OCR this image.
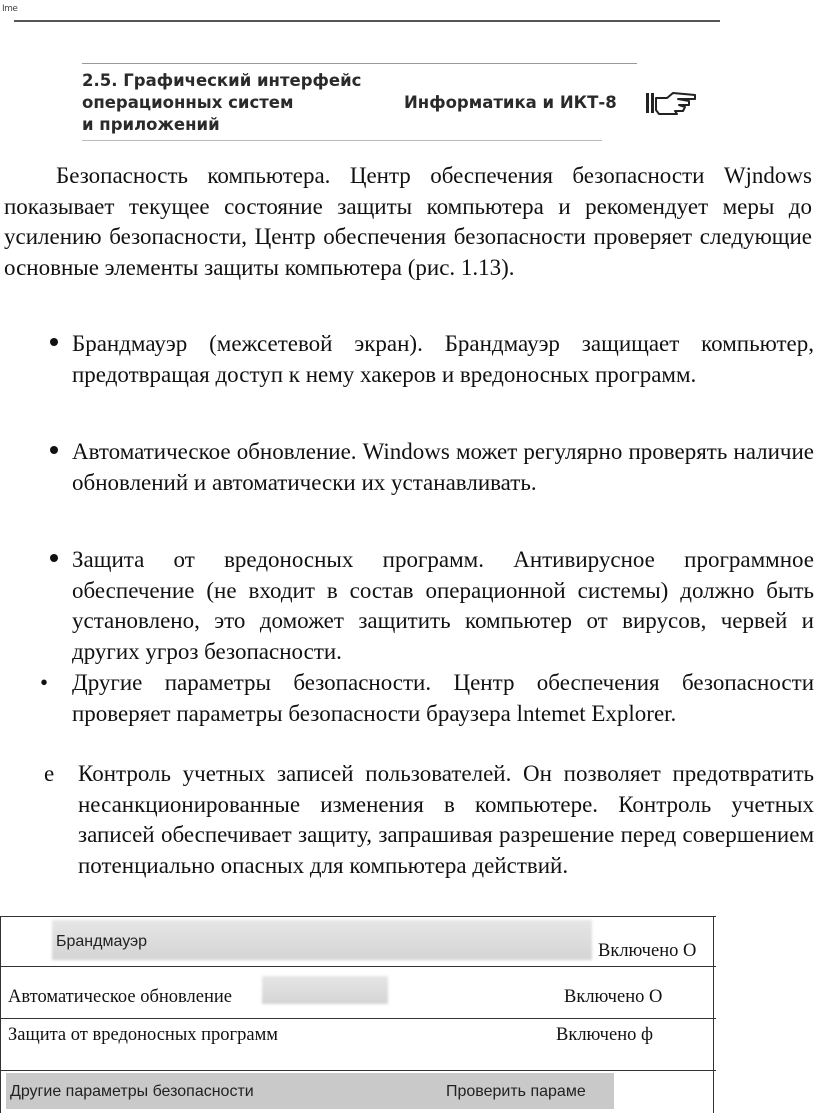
Ime
2.5. Графический интерфейс
операционных систем
и приложений
Информатика и ИКТ-8
Безопасность компьютера. Центр обеспечения безопасности Wjndows показывает текущее состояние защиты компьютера и рекомендует меры до усилению безопасности, Центр обеспечения безопасности проверяет следующие основные элементы защиты компьютера (рис. 1.13).
Брандмауэр (межсетевой экран). Брандмауэр защищает компьютер, предотвращая доступ к нему хакеров и вредоносных программ.
Автоматическое обновление. Windows может регулярно проверять наличие обновлений и автоматически их устанавливать.
Защита от вредоносных программ. Антивирусное программное обеспечение (не входит в состав операционной системы) должно быть установлено, это доможет защитить компьютер от вирусов, червей и других угроз безопасности.
• Другие параметры безопасности. Центр обеспечения безопасности проверяет параметры безопасности браузера lntemet Explorer.
е Контроль учетных записей пользователей. Он позволяет предотвратить несанкционированные изменения в компьютере. Контроль учетных записей обеспечивает защиту, запрашивая разрешение перед совершением потенциально опасных для компьютера действий.
Брандмауэр	Включено О
Автоматическое обновление	Включено О
Защита от вредоносных программ	Включено ф
Другие параметры безопасности	Проверить параме
